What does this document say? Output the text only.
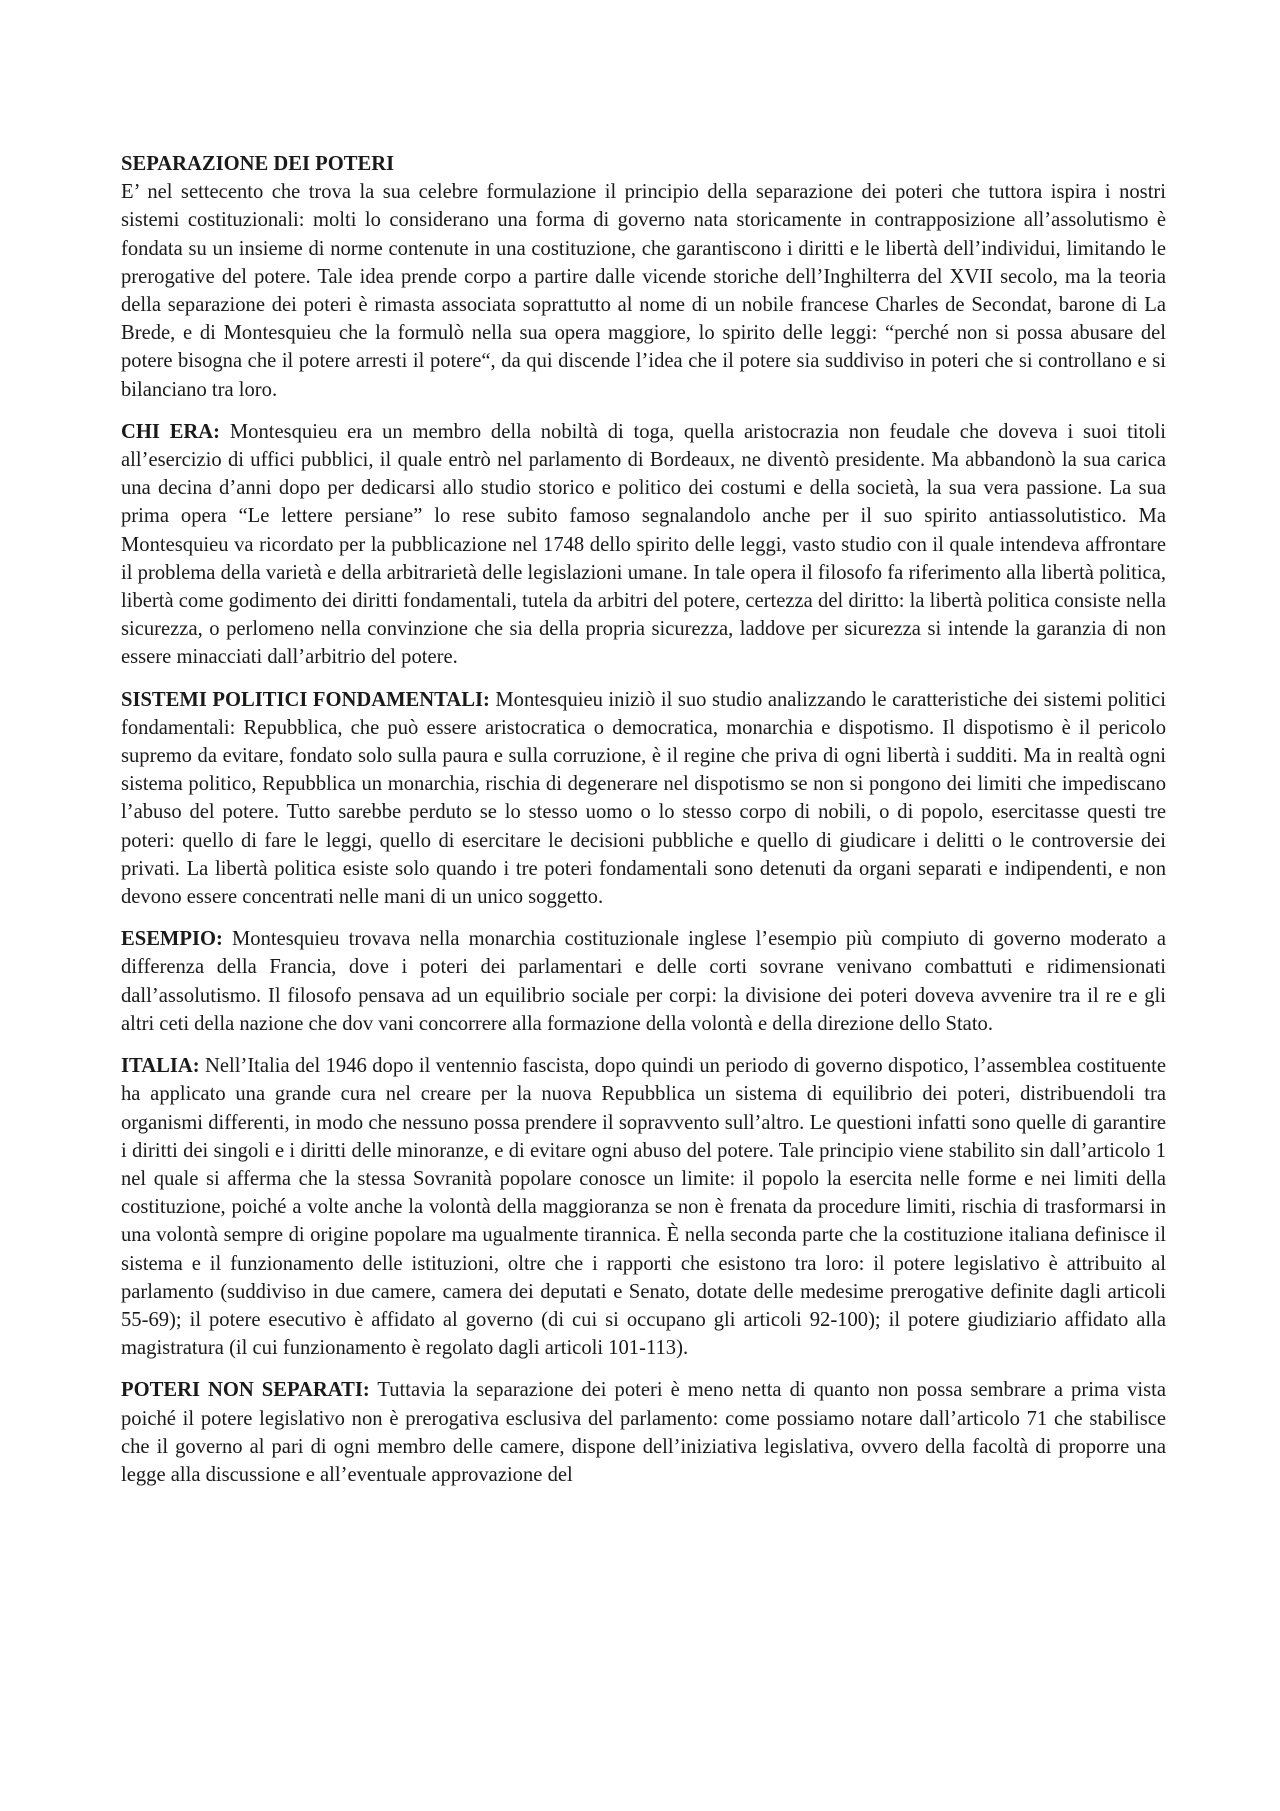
SEPARAZIONE DEI POTERI

E’ nel settecento che trova la sua celebre formulazione il principio della separazione dei poteri che tuttora ispira i nostri sistemi costituzionali: molti lo considerano una forma di governo nata storicamente in contrapposizione all’assolutismo è fondata su un insieme di norme contenute in una costituzione, che garantiscono i diritti e le libertà dell’individui, limitando le prerogative del potere. Tale idea prende corpo a partire dalle vicende storiche dell’Inghilterra del XVII secolo, ma la teoria della separazione dei poteri è rimasta associata soprattutto al nome di un nobile francese Charles de Secondat, barone di La Brede, e di Montesquieu che la formulò nella sua opera maggiore, lo spirito delle leggi: “perché non si possa abusare del potere bisogna che il potere arresti il potere“, da qui discende l’idea che il potere sia suddiviso in poteri che si controllano e si bilanciano tra loro.

CHI ERA: Montesquieu era un membro della nobiltà di toga, quella aristocrazia non feudale che doveva i suoi titoli all’esercizio di uffici pubblici, il quale entrò nel parlamento di Bordeaux, ne diventò presidente. Ma abbandonò la sua carica una decina d’anni dopo per dedicarsi allo studio storico e politico dei costumi e della società, la sua vera passione. La sua prima opera “Le lettere persiane” lo rese subito famoso segnalandolo anche per il suo spirito antiassolutistico. Ma Montesquieu va ricordato per la pubblicazione nel 1748 dello spirito delle leggi, vasto studio con il quale intendeva affrontare il problema della varietà e della arbitrarietà delle legislazioni umane. In tale opera il filosofo fa riferimento alla libertà politica, libertà come godimento dei diritti fondamentali, tutela da arbitri del potere, certezza del diritto: la libertà politica consiste nella sicurezza, o perlomeno nella convinzione che sia della propria sicurezza, laddove per sicurezza si intende la garanzia di non essere minacciati dall’arbitrio del potere.

SISTEMI POLITICI FONDAMENTALI: Montesquieu iniziò il suo studio analizzando le caratteristiche dei sistemi politici fondamentali: Repubblica, che può essere aristocratica o democratica, monarchia e dispotismo. Il dispotismo è il pericolo supremo da evitare, fondato solo sulla paura e sulla corruzione, è il regine che priva di ogni libertà i sudditi. Ma in realtà ogni sistema politico, Repubblica un monarchia, rischia di degenerare nel dispotismo se non si pongono dei limiti che impediscano l’abuso del potere. Tutto sarebbe perduto se lo stesso uomo o lo stesso corpo di nobili, o di popolo, esercitasse questi tre poteri: quello di fare le leggi, quello di esercitare le decisioni pubbliche e quello di giudicare i delitti o le controversie dei privati. La libertà politica esiste solo quando i tre poteri fondamentali sono detenuti da organi separati e indipendenti, e non devono essere concentrati nelle mani di un unico soggetto.

ESEMPIO: Montesquieu trovava nella monarchia costituzionale inglese l’esempio più compiuto di governo moderato a differenza della Francia, dove i poteri dei parlamentari e delle corti sovrane venivano combattuti e ridimensionati dall’assolutismo. Il filosofo pensava ad un equilibrio sociale per corpi: la divisione dei poteri doveva avvenire tra il re e gli altri ceti della nazione che dov vani concorrere alla formazione della volontà e della direzione dello Stato.

ITALIA: Nell’Italia del 1946 dopo il ventennio fascista, dopo quindi un periodo di governo dispotico, l’assemblea costituente ha applicato una grande cura nel creare per la nuova Repubblica un sistema di equilibrio dei poteri, distribuendoli tra organismi differenti, in modo che nessuno possa prendere il sopravvento sull’altro. Le questioni infatti sono quelle di garantire i diritti dei singoli e i diritti delle minoranze, e di evitare ogni abuso del potere. Tale principio viene stabilito sin dall’articolo 1 nel quale si afferma che la stessa Sovranità popolare conosce un limite: il popolo la esercita nelle forme e nei limiti della costituzione, poiché a volte anche la volontà della maggioranza se non è frenata da procedure limiti, rischia di trasformarsi in una volontà sempre di origine popolare ma ugualmente tirannica. È nella seconda parte che la costituzione italiana definisce il sistema e il funzionamento delle istituzioni, oltre che i rapporti che esistono tra loro: il potere legislativo è attribuito al parlamento (suddiviso in due camere, camera dei deputati e Senato, dotate delle medesime prerogative definite dagli articoli 55-69); il potere esecutivo è affidato al governo (di cui si occupano gli articoli 92-100); il potere giudiziario affidato alla magistratura (il cui funzionamento è regolato dagli articoli 101-113).

POTERI NON SEPARATI: Tuttavia la separazione dei poteri è meno netta di quanto non possa sembrare a prima vista poiché il potere legislativo non è prerogativa esclusiva del parlamento: come possiamo notare dall’articolo 71 che stabilisce che il governo al pari di ogni membro delle camere, dispone dell’iniziativa legislativa, ovvero della facoltà di proporre una legge alla discussione e all’eventuale approvazione del
